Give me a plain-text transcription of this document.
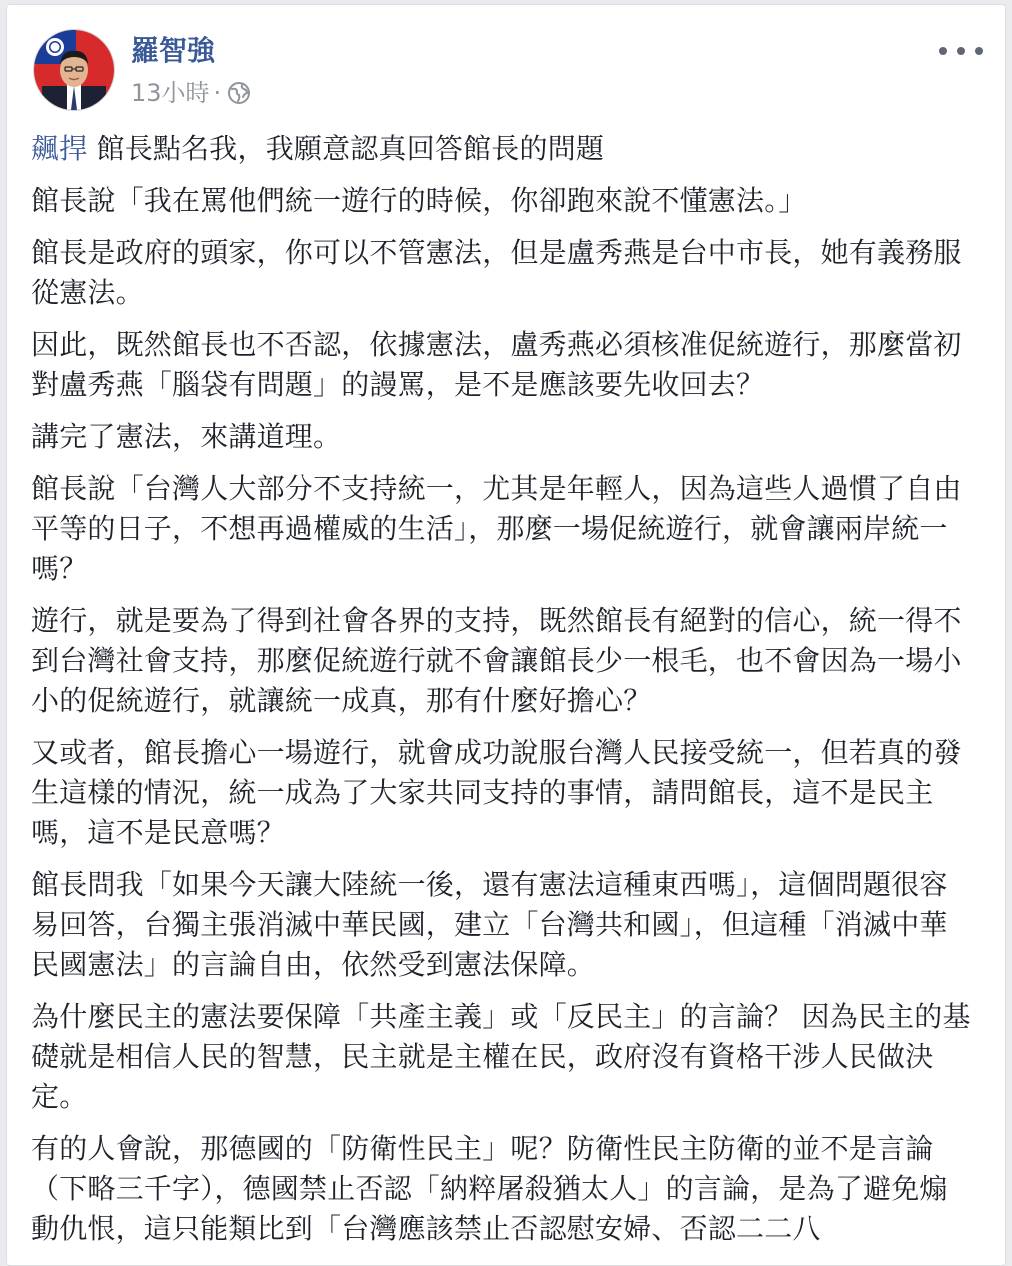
羅智強
13小時 ·

飆捍 館長點名我，我願意認真回答館長的問題

館長說「我在罵他們統一遊行的時候，你卻跑來說不懂憲法。」

館長是政府的頭家，你可以不管憲法，但是盧秀燕是台中市長，她有義務服從憲法。

因此，既然館長也不否認，依據憲法，盧秀燕必須核准促統遊行，那麼當初對盧秀燕「腦袋有問題」的謾罵，是不是應該要先收回去？

講完了憲法，來講道理。

館長說「台灣人大部分不支持統一，尤其是年輕人，因為這些人過慣了自由平等的日子，不想再過權威的生活」，那麼一場促統遊行，就會讓兩岸統一嗎？

遊行，就是要為了得到社會各界的支持，既然館長有絕對的信心，統一得不到台灣社會支持，那麼促統遊行就不會讓館長少一根毛，也不會因為一場小小的促統遊行，就讓統一成真，那有什麼好擔心？

又或者，館長擔心一場遊行，就會成功說服台灣人民接受統一，但若真的發生這樣的情況，統一成為了大家共同支持的事情，請問館長，這不是民主嗎，這不是民意嗎？

館長問我「如果今天讓大陸統一後，還有憲法這種東西嗎」，這個問題很容易回答，台獨主張消滅中華民國，建立「台灣共和國」，但這種「消滅中華民國憲法」的言論自由，依然受到憲法保障。

為什麼民主的憲法要保障「共產主義」或「反民主」的言論？ 因為民主的基礎就是相信人民的智慧，民主就是主權在民，政府沒有資格干涉人民做決定。

有的人會說，那德國的「防衛性民主」呢？防衛性民主防衛的並不是言論（下略三千字），德國禁止否認「納粹屠殺猶太人」的言論，是為了避免煽動仇恨，這只能類比到「台灣應該禁止否認慰安婦、否認二二八
